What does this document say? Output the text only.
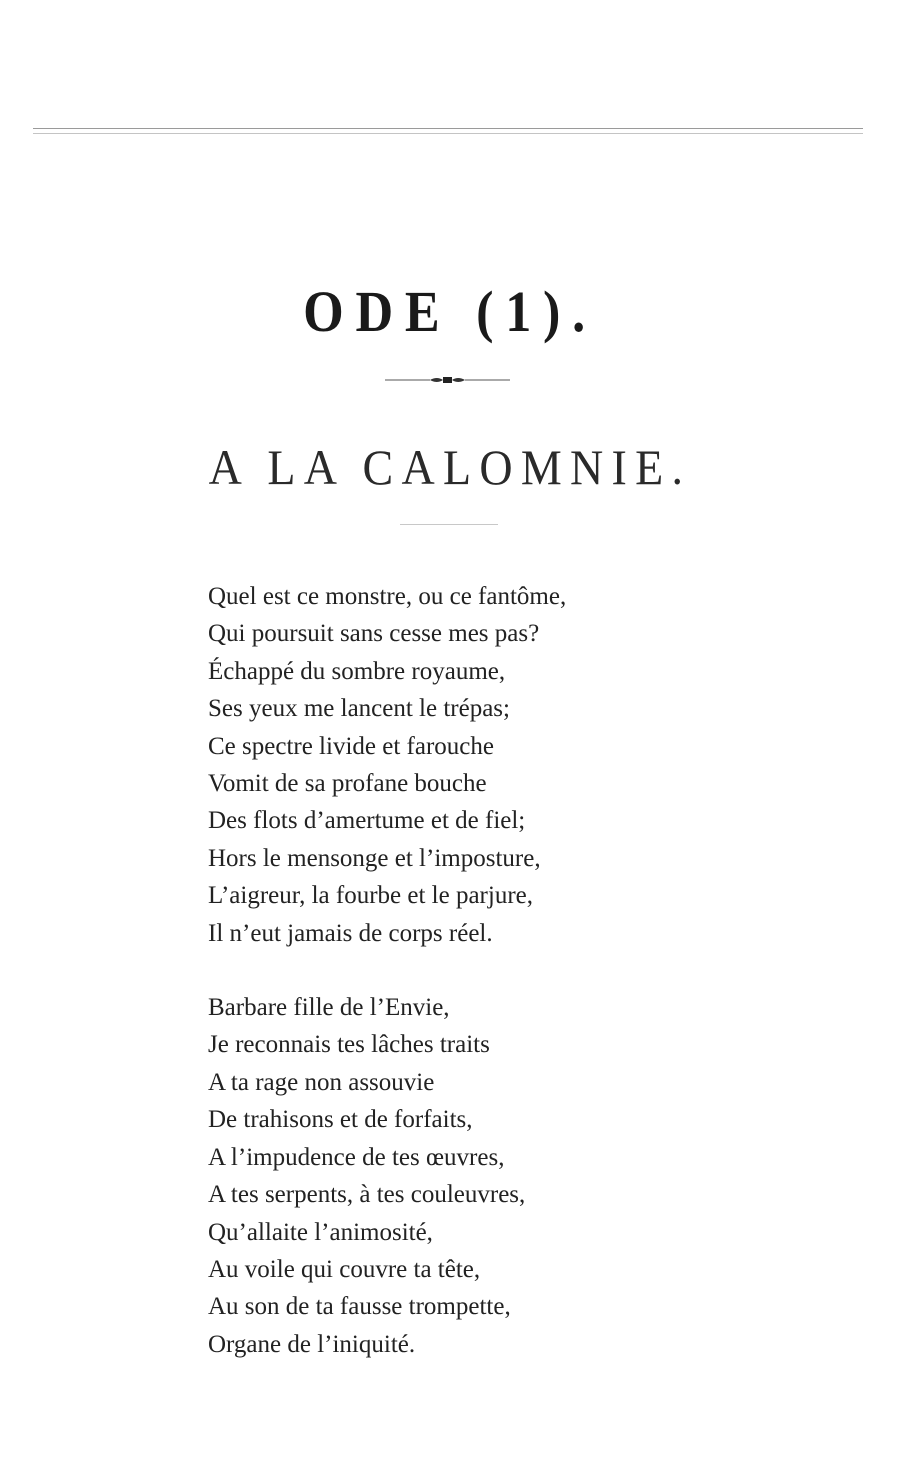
ODE (1).
A LA CALOMNIE.

Quel est ce monstre, ou ce fantôme,
Qui poursuit sans cesse mes pas?
Échappé du sombre royaume,
Ses yeux me lancent le trépas;
Ce spectre livide et farouche
Vomit de sa profane bouche
Des flots d’amertume et de fiel;
Hors le mensonge et l’imposture,
L’aigreur, la fourbe et le parjure,
Il n’eut jamais de corps réel.

Barbare fille de l’Envie,
Je reconnais tes lâches traits
A ta rage non assouvie
De trahisons et de forfaits,
A l’impudence de tes œuvres,
A tes serpents, à tes couleuvres,
Qu’allaite l’animosité,
Au voile qui couvre ta tête,
Au son de ta fausse trompette,
Organe de l’iniquité.
